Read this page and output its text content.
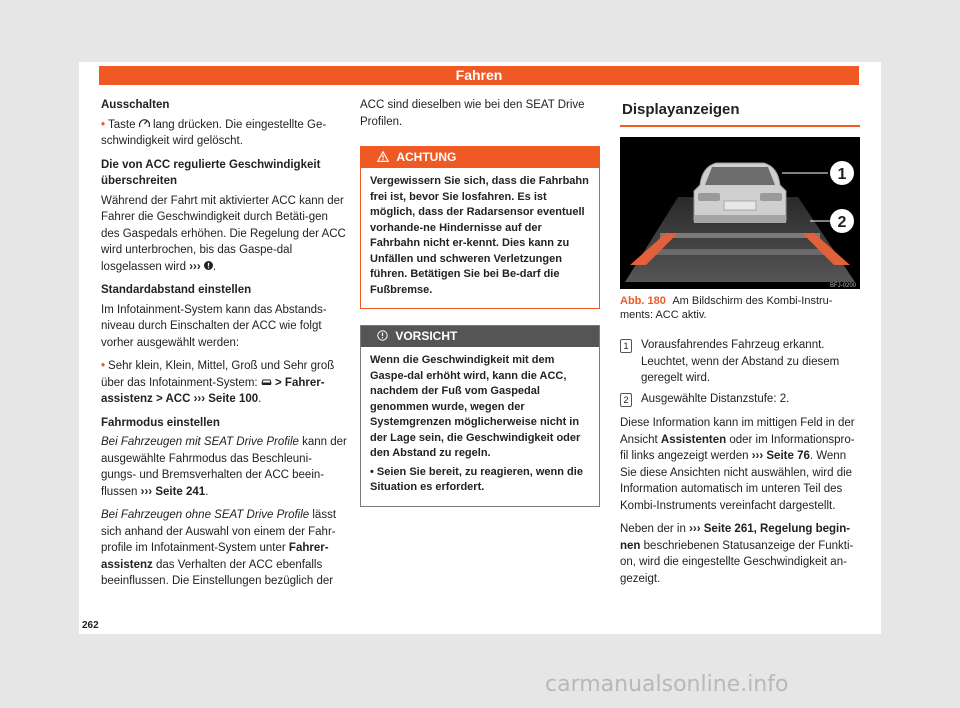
Fahren

Ausschalten

• Taste lang drücken. Die eingestellte Ge-schwindigkeit wird gelöscht.

Die von ACC regulierte Geschwindigkeit überschreiten

Während der Fahrt mit aktivierter ACC kann der Fahrer die Geschwindigkeit durch Betäti-gen des Gaspedals erhöhen. Die Regelung der ACC wird unterbrochen, bis das Gaspe-dal losgelassen wird ››› .

Standardabstand einstellen

Im Infotainment-System kann das Abstands-niveau durch Einschalten der ACC wie folgt vorher ausgewählt werden:

• Sehr klein, Klein, Mittel, Groß und Sehr groß über das Infotainment-System: > Fahrer-assistenz > ACC ››› Seite 100.

Fahrmodus einstellen

Bei Fahrzeugen mit SEAT Drive Profile kann der ausgewählte Fahrmodus das Beschleuni-gungs- und Bremsverhalten der ACC beein-flussen ››› Seite 241.

Bei Fahrzeugen ohne SEAT Drive Profile lässt sich anhand der Auswahl von einem der Fahr-profile im Infotainment-System unter Fahrer-assistenz das Verhalten der ACC ebenfalls beeinflussen. Die Einstellungen bezüglich der

ACC sind dieselben wie bei den SEAT Drive Profilen.

ACHTUNG

Vergewissern Sie sich, dass die Fahrbahn frei ist, bevor Sie losfahren. Es ist möglich, dass der Radarsensor eventuell vorhande-ne Hindernisse auf der Fahrbahn nicht er-kennt. Dies kann zu Unfällen und schweren Verletzungen führen. Betätigen Sie bei Be-darf die Fußbremse.

VORSICHT

Wenn die Geschwindigkeit mit dem Gaspe-dal erhöht wird, kann die ACC, nachdem der Fuß vom Gaspedal genommen wurde, wegen der Systemgrenzen möglicherweise nicht in der Lage sein, die Geschwindigkeit oder den Abstand zu regeln.

• Seien Sie bereit, zu reagieren, wenn die Situation es erfordert.

Displayanzeigen
1
2
BFJ-0200

Abb. 180 Am Bildschirm des Kombi-Instru-ments: ACC aktiv.

1	Vorausfahrendes Fahrzeug erkannt. Leuchtet, wenn der Abstand zu diesem geregelt wird.
2	Ausgewählte Distanzstufe: 2.

Diese Information kann im mittigen Feld in der Ansicht Assistenten oder im Informationspro-fil links angezeigt werden ››› Seite 76. Wenn Sie diese Ansichten nicht auswählen, wird die Information automatisch im unteren Teil des Kombi-Instruments vereinfacht dargestellt.

Neben der in ››› Seite 261, Regelung begin-nen beschriebenen Statusanzeige der Funkti-on, wird die eingestellte Geschwindigkeit an-gezeigt.

262
carmanualsonline.info
